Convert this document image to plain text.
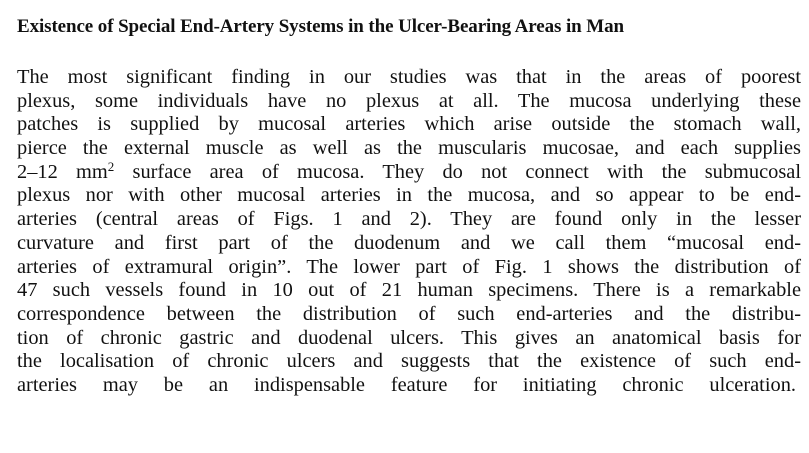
Existence of Special End-Artery Systems in the Ulcer-Bearing Areas in Man
The most significant finding in our studies was that in the areas of poorest
plexus, some individuals have no plexus at all. The mucosa underlying these
patches is supplied by mucosal arteries which arise outside the stomach wall,
pierce the external muscle as well as the muscularis mucosae, and each supplies
2–12 $mm^2$ surface area of mucosa. They do not connect with the submucosal
plexus nor with other mucosal arteries in the mucosa, and so appear to be end-
arteries (central areas of Figs. 1 and 2). They are found only in the lesser
curvature and first part of the duodenum and we call them “mucosal end-
arteries of extramural origin”. The lower part of Fig. 1 shows the distribution of
47 such vessels found in 10 out of 21 human specimens. There is a remarkable
correspondence between the distribution of such end-arteries and the distribu-
tion of chronic gastric and duodenal ulcers. This gives an anatomical basis for
the localisation of chronic ulcers and suggests that the existence of such end-
arteries may be an indispensable feature for initiating chronic ulceration.
